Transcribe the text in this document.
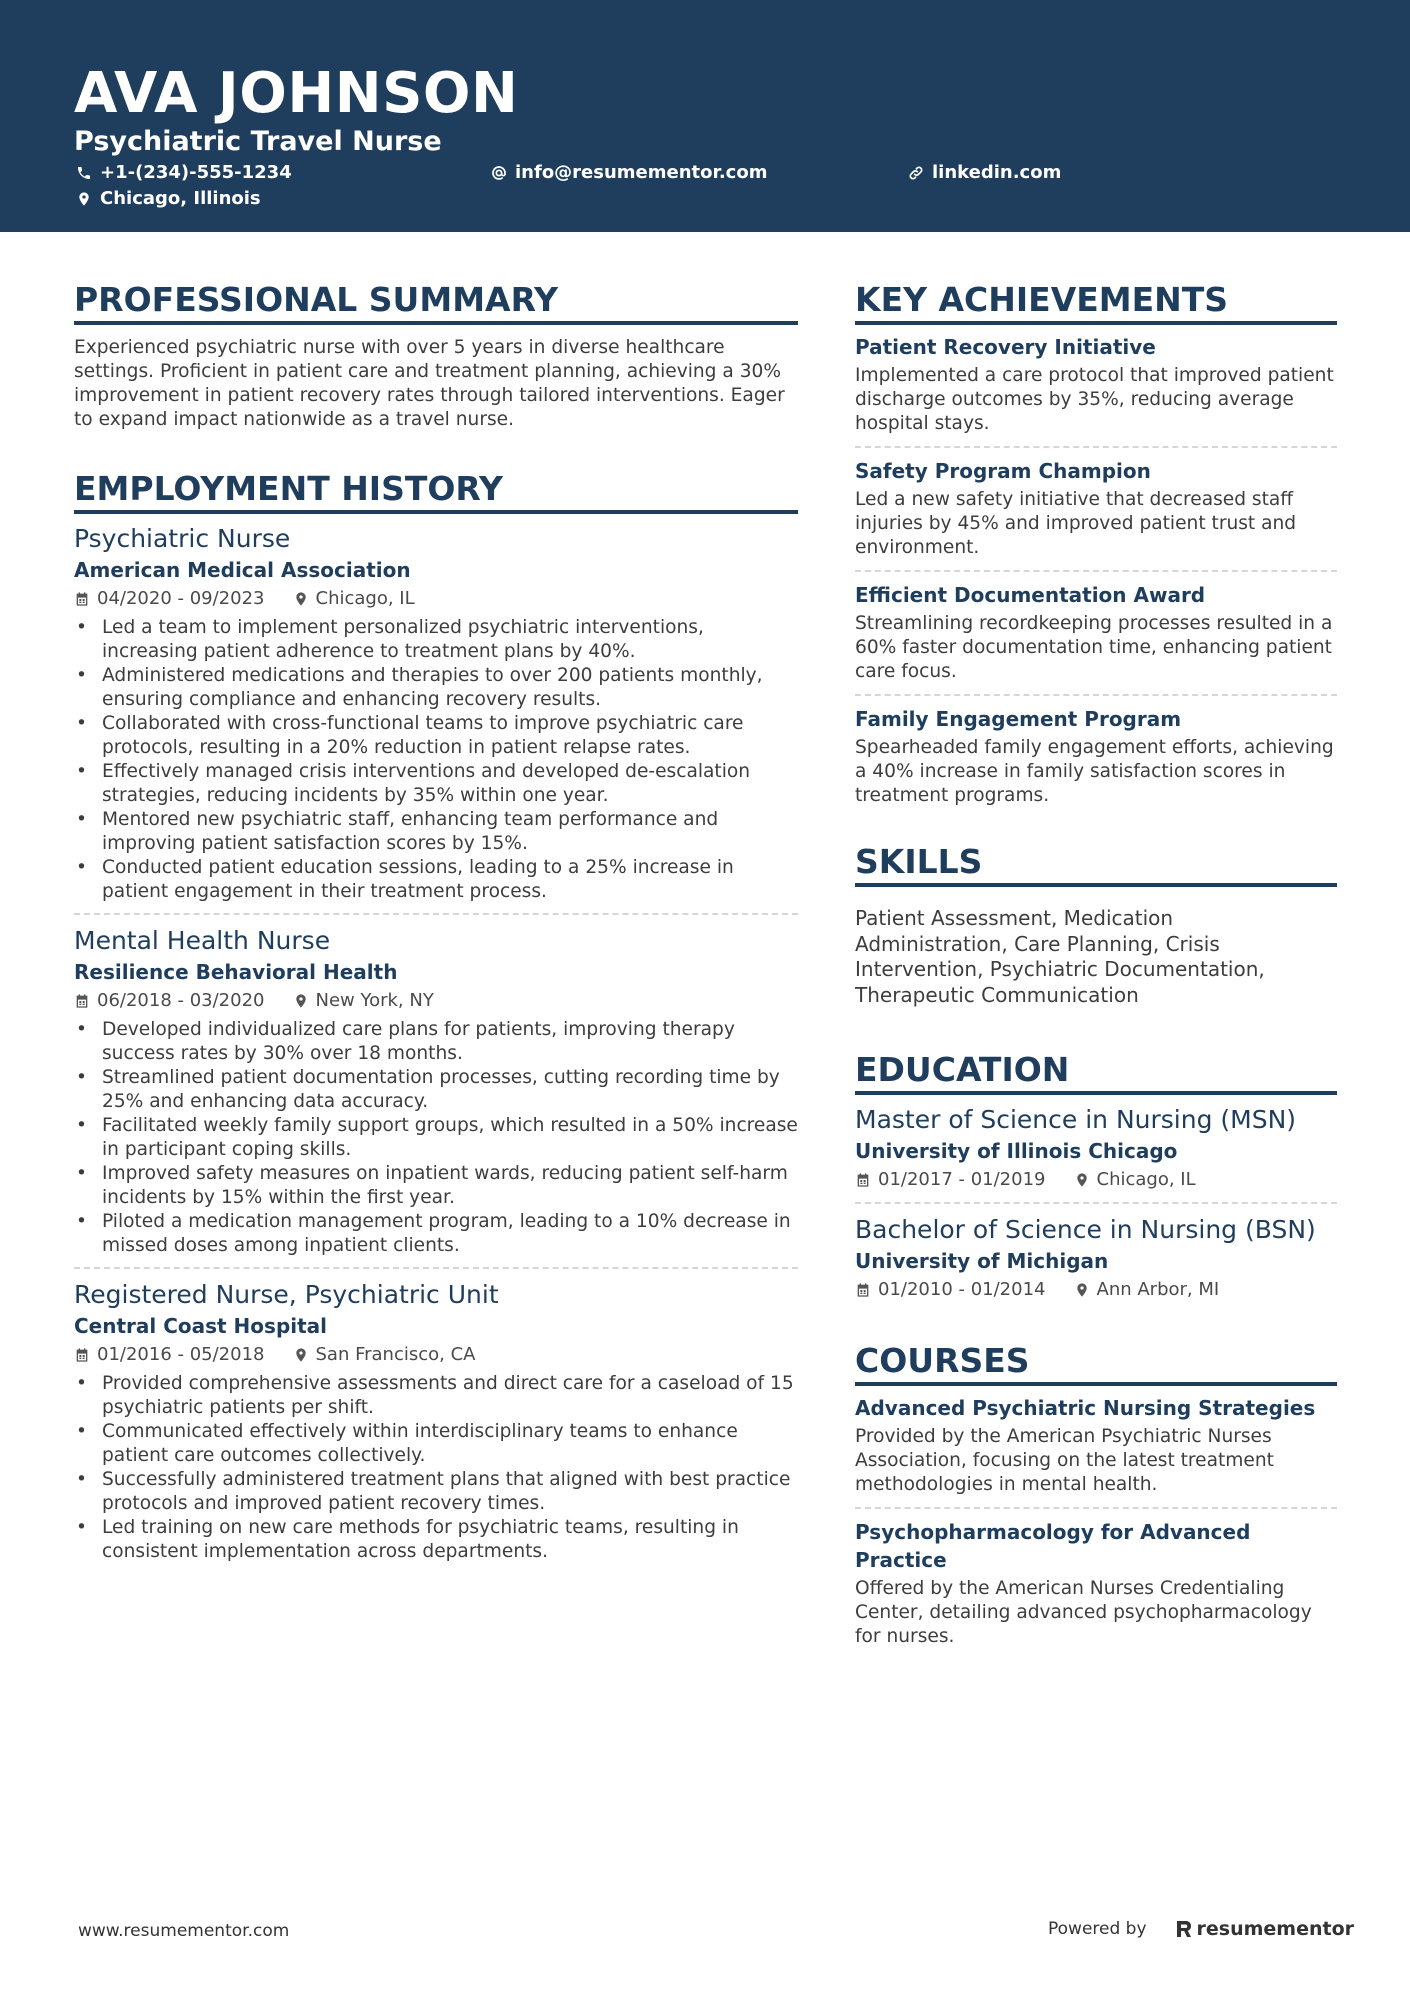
AVA JOHNSON
Psychiatric Travel Nurse
+1-(234)-555-1234	info@resumementor.com	linkedin.com
Chicago, Illinois
PROFESSIONAL SUMMARY

Experienced psychiatric nurse with over 5 years in diverse healthcare settings. Proficient in patient care and treatment planning, achieving a 30% improvement in patient recovery rates through tailored interventions. Eager to expand impact nationwide as a travel nurse.

EMPLOYMENT HISTORY
Psychiatric Nurse
American Medical Association
04/2020 - 09/2023	Chicago, IL
• Led a team to implement personalized psychiatric interventions, increasing patient adherence to treatment plans by 40%.
• Administered medications and therapies to over 200 patients monthly, ensuring compliance and enhancing recovery results.
• Collaborated with cross-functional teams to improve psychiatric care protocols, resulting in a 20% reduction in patient relapse rates.
• Effectively managed crisis interventions and developed de-escalation strategies, reducing incidents by 35% within one year.
• Mentored new psychiatric staff, enhancing team performance and improving patient satisfaction scores by 15%.
• Conducted patient education sessions, leading to a 25% increase in patient engagement in their treatment process.
Mental Health Nurse
Resilience Behavioral Health
06/2018 - 03/2020	New York, NY
• Developed individualized care plans for patients, improving therapy success rates by 30% over 18 months.
• Streamlined patient documentation processes, cutting recording time by 25% and enhancing data accuracy.
• Facilitated weekly family support groups, which resulted in a 50% increase in participant coping skills.
• Improved safety measures on inpatient wards, reducing patient self-harm incidents by 15% within the first year.
• Piloted a medication management program, leading to a 10% decrease in missed doses among inpatient clients.
Registered Nurse, Psychiatric Unit
Central Coast Hospital
01/2016 - 05/2018	San Francisco, CA
• Provided comprehensive assessments and direct care for a caseload of 15 psychiatric patients per shift.
• Communicated effectively within interdisciplinary teams to enhance patient care outcomes collectively.
• Successfully administered treatment plans that aligned with best practice protocols and improved patient recovery times.
• Led training on new care methods for psychiatric teams, resulting in consistent implementation across departments.
KEY ACHIEVEMENTS
Patient Recovery Initiative

Implemented a care protocol that improved patient discharge outcomes by 35%, reducing average hospital stays.

Safety Program Champion

Led a new safety initiative that decreased staff injuries by 45% and improved patient trust and environment.

Efficient Documentation Award

Streamlining recordkeeping processes resulted in a 60% faster documentation time, enhancing patient care focus.

Family Engagement Program

Spearheaded family engagement efforts, achieving a 40% increase in family satisfaction scores in treatment programs.

SKILLS

Patient Assessment, Medication Administration, Care Planning, Crisis Intervention, Psychiatric Documentation, Therapeutic Communication

EDUCATION
Master of Science in Nursing (MSN)
University of Illinois Chicago
01/2017 - 01/2019	Chicago, IL
Bachelor of Science in Nursing (BSN)
University of Michigan
01/2010 - 01/2014	Ann Arbor, MI
COURSES
Advanced Psychiatric Nursing Strategies

Provided by the American Psychiatric Nurses Association, focusing on the latest treatment methodologies in mental health.

Psychopharmacology for Advanced Practice

Offered by the American Nurses Credentialing Center, detailing advanced psychopharmacology for nurses.

www.resumementor.com	Powered by	resumementor
